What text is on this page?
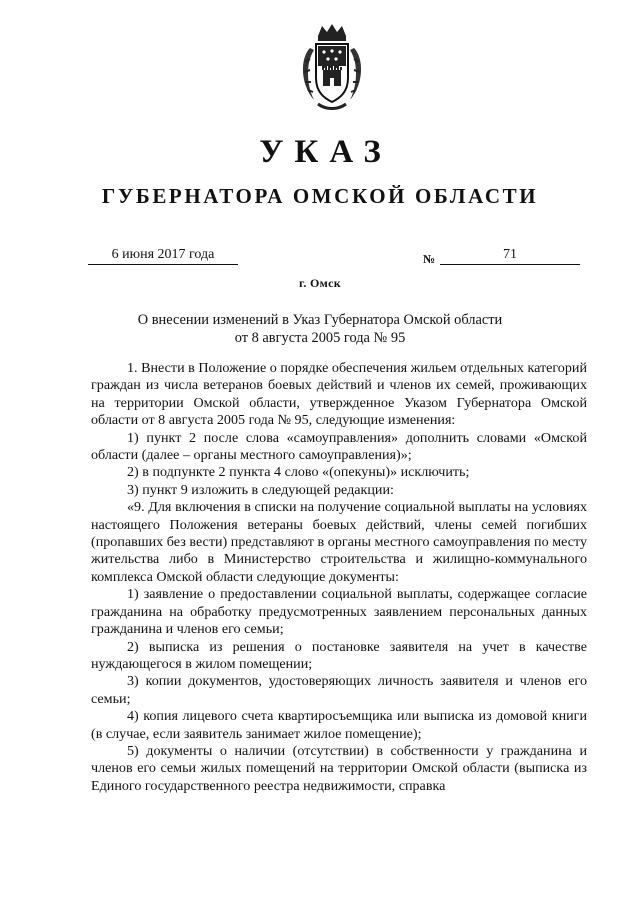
УКАЗ
ГУБЕРНАТОРА ОМСКОЙ ОБЛАСТИ
6 июня 2017 года	№	71
г. Омск
О внесении изменений в Указ Губернатора Омской области
от 8 августа 2005 года № 95

1. Внести в Положение о порядке обеспечения жильем отдельных категорий граждан из числа ветеранов боевых действий и членов их семей, проживающих на территории Омской области, утвержденное Указом Губернатора Омской области от 8 августа 2005 года № 95, следующие изменения:

1) пункт 2 после слова «самоуправления» дополнить словами «Омской области (далее – органы местного самоуправления)»;

2) в подпункте 2 пункта 4 слово «(опекуны)» исключить;

3) пункт 9 изложить в следующей редакции:

«9. Для включения в списки на получение социальной выплаты на условиях настоящего Положения ветераны боевых действий, члены семей погибших (пропавших без вести) представляют в органы местного самоуправления по месту жительства либо в Министерство строительства и жилищно-коммунального комплекса Омской области следующие документы:

1) заявление о предоставлении социальной выплаты, содержащее согласие гражданина на обработку предусмотренных заявлением персональных данных гражданина и членов его семьи;

2) выписка из решения о постановке заявителя на учет в качестве нуждающегося в жилом помещении;

3) копии документов, удостоверяющих личность заявителя и членов его семьи;

4) копия лицевого счета квартиросъемщика или выписка из домовой книги (в случае, если заявитель занимает жилое помещение);

5) документы о наличии (отсутствии) в собственности у гражданина и членов его семьи жилых помещений на территории Омской области (выписка из Единого государственного реестра недвижимости, справка
